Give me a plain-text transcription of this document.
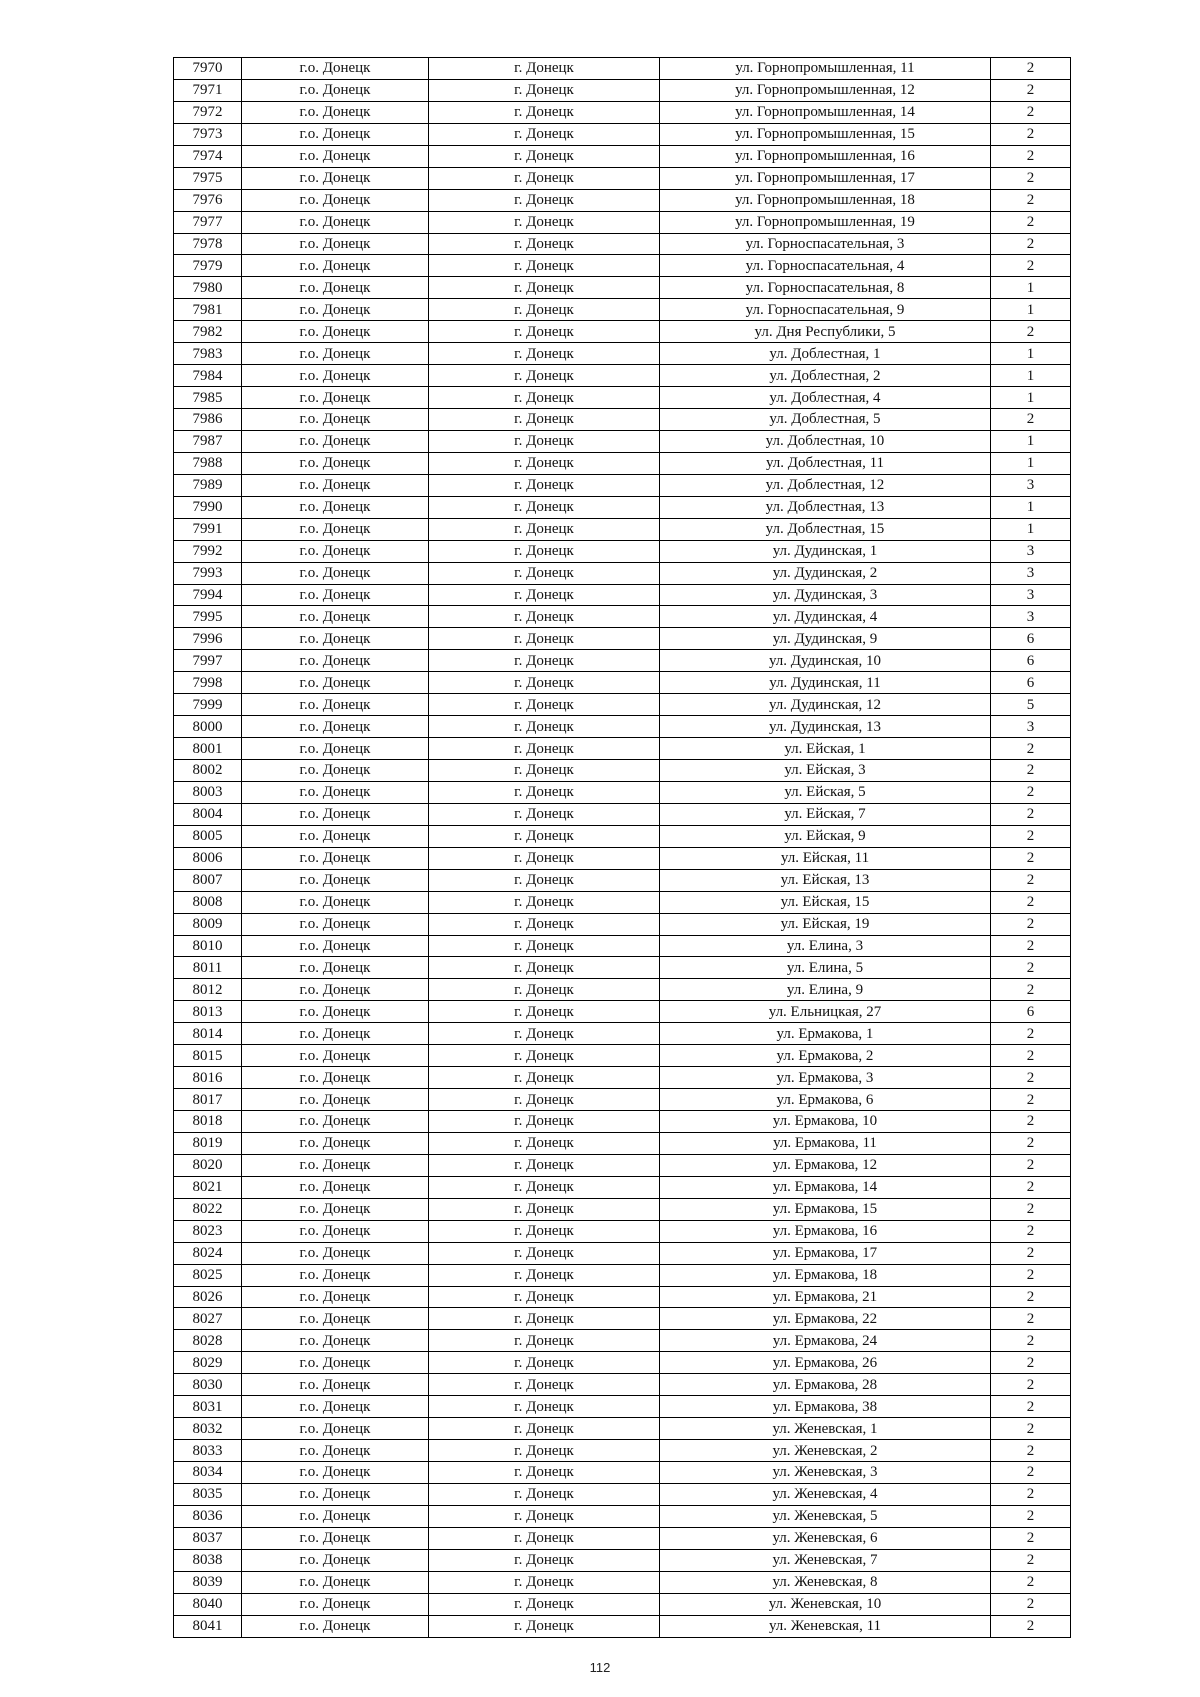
7970	г.о. Донецк	г. Донецк	ул. Горнопромышленная, 11	2
7971	г.о. Донецк	г. Донецк	ул. Горнопромышленная, 12	2
7972	г.о. Донецк	г. Донецк	ул. Горнопромышленная, 14	2
7973	г.о. Донецк	г. Донецк	ул. Горнопромышленная, 15	2
7974	г.о. Донецк	г. Донецк	ул. Горнопромышленная, 16	2
7975	г.о. Донецк	г. Донецк	ул. Горнопромышленная, 17	2
7976	г.о. Донецк	г. Донецк	ул. Горнопромышленная, 18	2
7977	г.о. Донецк	г. Донецк	ул. Горнопромышленная, 19	2
7978	г.о. Донецк	г. Донецк	ул. Горноспасательная, 3	2
7979	г.о. Донецк	г. Донецк	ул. Горноспасательная, 4	2
7980	г.о. Донецк	г. Донецк	ул. Горноспасательная, 8	1
7981	г.о. Донецк	г. Донецк	ул. Горноспасательная, 9	1
7982	г.о. Донецк	г. Донецк	ул. Дня Республики, 5	2
7983	г.о. Донецк	г. Донецк	ул. Доблестная, 1	1
7984	г.о. Донецк	г. Донецк	ул. Доблестная, 2	1
7985	г.о. Донецк	г. Донецк	ул. Доблестная, 4	1
7986	г.о. Донецк	г. Донецк	ул. Доблестная, 5	2
7987	г.о. Донецк	г. Донецк	ул. Доблестная, 10	1
7988	г.о. Донецк	г. Донецк	ул. Доблестная, 11	1
7989	г.о. Донецк	г. Донецк	ул. Доблестная, 12	3
7990	г.о. Донецк	г. Донецк	ул. Доблестная, 13	1
7991	г.о. Донецк	г. Донецк	ул. Доблестная, 15	1
7992	г.о. Донецк	г. Донецк	ул. Дудинская, 1	3
7993	г.о. Донецк	г. Донецк	ул. Дудинская, 2	3
7994	г.о. Донецк	г. Донецк	ул. Дудинская, 3	3
7995	г.о. Донецк	г. Донецк	ул. Дудинская, 4	3
7996	г.о. Донецк	г. Донецк	ул. Дудинская, 9	6
7997	г.о. Донецк	г. Донецк	ул. Дудинская, 10	6
7998	г.о. Донецк	г. Донецк	ул. Дудинская, 11	6
7999	г.о. Донецк	г. Донецк	ул. Дудинская, 12	5
8000	г.о. Донецк	г. Донецк	ул. Дудинская, 13	3
8001	г.о. Донецк	г. Донецк	ул. Ейская, 1	2
8002	г.о. Донецк	г. Донецк	ул. Ейская, 3	2
8003	г.о. Донецк	г. Донецк	ул. Ейская, 5	2
8004	г.о. Донецк	г. Донецк	ул. Ейская, 7	2
8005	г.о. Донецк	г. Донецк	ул. Ейская, 9	2
8006	г.о. Донецк	г. Донецк	ул. Ейская, 11	2
8007	г.о. Донецк	г. Донецк	ул. Ейская, 13	2
8008	г.о. Донецк	г. Донецк	ул. Ейская, 15	2
8009	г.о. Донецк	г. Донецк	ул. Ейская, 19	2
8010	г.о. Донецк	г. Донецк	ул. Елина, 3	2
8011	г.о. Донецк	г. Донецк	ул. Елина, 5	2
8012	г.о. Донецк	г. Донецк	ул. Елина, 9	2
8013	г.о. Донецк	г. Донецк	ул. Ельницкая, 27	6
8014	г.о. Донецк	г. Донецк	ул. Ермакова, 1	2
8015	г.о. Донецк	г. Донецк	ул. Ермакова, 2	2
8016	г.о. Донецк	г. Донецк	ул. Ермакова, 3	2
8017	г.о. Донецк	г. Донецк	ул. Ермакова, 6	2
8018	г.о. Донецк	г. Донецк	ул. Ермакова, 10	2
8019	г.о. Донецк	г. Донецк	ул. Ермакова, 11	2
8020	г.о. Донецк	г. Донецк	ул. Ермакова, 12	2
8021	г.о. Донецк	г. Донецк	ул. Ермакова, 14	2
8022	г.о. Донецк	г. Донецк	ул. Ермакова, 15	2
8023	г.о. Донецк	г. Донецк	ул. Ермакова, 16	2
8024	г.о. Донецк	г. Донецк	ул. Ермакова, 17	2
8025	г.о. Донецк	г. Донецк	ул. Ермакова, 18	2
8026	г.о. Донецк	г. Донецк	ул. Ермакова, 21	2
8027	г.о. Донецк	г. Донецк	ул. Ермакова, 22	2
8028	г.о. Донецк	г. Донецк	ул. Ермакова, 24	2
8029	г.о. Донецк	г. Донецк	ул. Ермакова, 26	2
8030	г.о. Донецк	г. Донецк	ул. Ермакова, 28	2
8031	г.о. Донецк	г. Донецк	ул. Ермакова, 38	2
8032	г.о. Донецк	г. Донецк	ул. Женевская, 1	2
8033	г.о. Донецк	г. Донецк	ул. Женевская, 2	2
8034	г.о. Донецк	г. Донецк	ул. Женевская, 3	2
8035	г.о. Донецк	г. Донецк	ул. Женевская, 4	2
8036	г.о. Донецк	г. Донецк	ул. Женевская, 5	2
8037	г.о. Донецк	г. Донецк	ул. Женевская, 6	2
8038	г.о. Донецк	г. Донецк	ул. Женевская, 7	2
8039	г.о. Донецк	г. Донецк	ул. Женевская, 8	2
8040	г.о. Донецк	г. Донецк	ул. Женевская, 10	2
8041	г.о. Донецк	г. Донецк	ул. Женевская, 11	2
112
